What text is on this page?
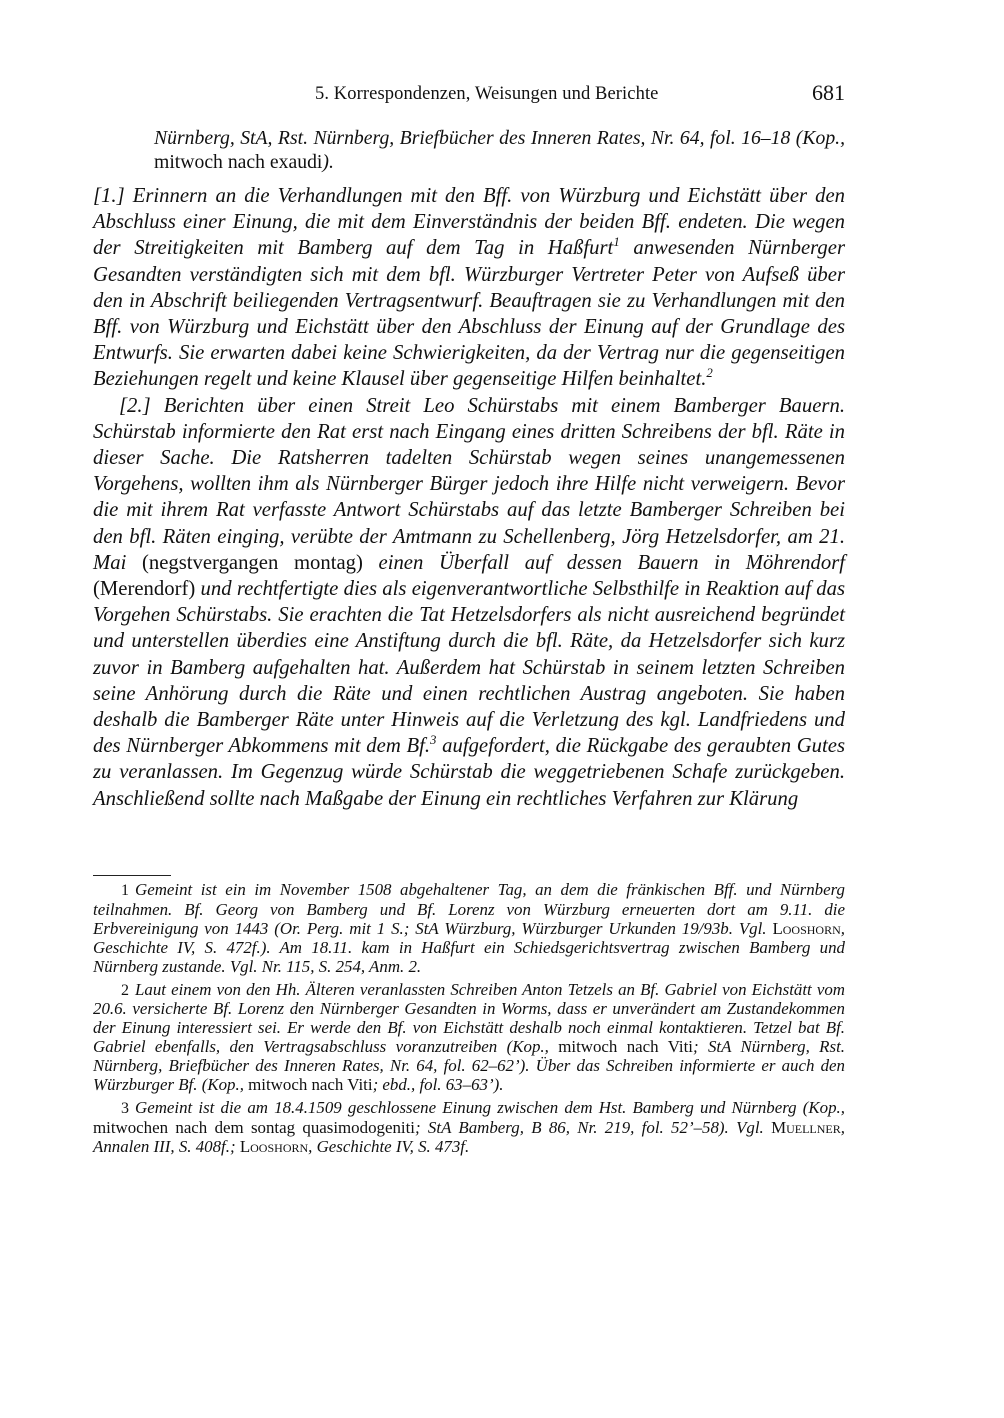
5. Korrespondenzen, Weisungen und Berichte	681
Nürnberg, StA, Rst. Nürnberg, Briefbücher des Inneren Rates, Nr. 64, fol. 16–18 (Kop., mitwoch nach exaudi).

[1.] Erinnern an die Verhandlungen mit den Bff. von Würzburg und Eichstätt über den Abschluss einer Einung, die mit dem Einverständnis der beiden Bff. endeten. Die wegen der Streitigkeiten mit Bamberg auf dem Tag in Haßfurt$^1$ anwesenden Nürnberger Gesandten verständigten sich mit dem bfl. Würzburger Vertreter Peter von Aufseß über den in Abschrift beiliegenden Vertragsentwurf. Beauftragen sie zu Verhandlungen mit den Bff. von Würzburg und Eichstätt über den Abschluss der Einung auf der Grundlage des Entwurfs. Sie erwarten dabei keine Schwierigkeiten, da der Vertrag nur die gegenseitigen Beziehungen regelt und keine Klausel über gegenseitige Hilfen beinhaltet.$^2$

[2.] Berichten über einen Streit Leo Schürstabs mit einem Bamberger Bauern. Schürstab informierte den Rat erst nach Eingang eines dritten Schreibens der bfl. Räte in dieser Sache. Die Ratsherren tadelten Schürstab wegen seines unangemessenen Vorgehens, wollten ihm als Nürnberger Bürger jedoch ihre Hilfe nicht verweigern. Bevor die mit ihrem Rat verfasste Antwort Schürstabs auf das letzte Bamberger Schreiben bei den bfl. Räten einging, verübte der Amtmann zu Schellenberg, Jörg Hetzelsdorfer, am 21. Mai (negstvergangen montag) einen Überfall auf dessen Bauern in Möhrendorf (Merendorf) und rechtfertigte dies als eigenverantwortliche Selbsthilfe in Reaktion auf das Vorgehen Schürstabs. Sie erachten die Tat Hetzelsdorfers als nicht ausreichend begründet und unterstellen überdies eine Anstiftung durch die bfl. Räte, da Hetzelsdorfer sich kurz zuvor in Bamberg aufgehalten hat. Außerdem hat Schürstab in seinem letzten Schreiben seine Anhörung durch die Räte und einen rechtlichen Austrag angeboten. Sie haben deshalb die Bamberger Räte unter Hinweis auf die Verletzung des kgl. Landfriedens und des Nürnberger Abkommens mit dem Bf.$^3$ aufgefordert, die Rückgabe des geraubten Gutes zu veranlassen. Im Gegenzug würde Schürstab die weggetriebenen Schafe zurückgeben. Anschließend sollte nach Maßgabe der Einung ein rechtliches Verfahren zur Klärung

1 Gemeint ist ein im November 1508 abgehaltener Tag, an dem die fränkischen Bff. und Nürnberg teilnahmen. Bf. Georg von Bamberg und Bf. Lorenz von Würzburg erneuerten dort am 9.11. die Erbvereinigung von 1443 (Or. Perg. mit 1 S.; StA Würzburg, Würzburger Urkunden 19/93b. Vgl. Looshorn, Geschichte IV, S. 472f.). Am 18.11. kam in Haßfurt ein Schiedsgerichtsvertrag zwischen Bamberg und Nürnberg zustande. Vgl. Nr. 115, S. 254, Anm. 2.

2 Laut einem von den Hh. Älteren veranlassten Schreiben Anton Tetzels an Bf. Gabriel von Eichstätt vom 20.6. versicherte Bf. Lorenz den Nürnberger Gesandten in Worms, dass er unverändert am Zustandekommen der Einung interessiert sei. Er werde den Bf. von Eichstätt deshalb noch einmal kontaktieren. Tetzel bat Bf. Gabriel ebenfalls, den Vertragsabschluss voranzutreiben (Kop., mitwoch nach Viti; StA Nürnberg, Rst. Nürnberg, Briefbücher des Inneren Rates, Nr. 64, fol. 62–62’). Über das Schreiben informierte er auch den Würzburger Bf. (Kop., mitwoch nach Viti; ebd., fol. 63–63’).

3 Gemeint ist die am 18.4.1509 geschlossene Einung zwischen dem Hst. Bamberg und Nürnberg (Kop., mitwochen nach dem sontag quasimodogeniti; StA Bamberg, B 86, Nr. 219, fol. 52’–58). Vgl. Muellner, Annalen III, S. 408f.; Looshorn, Geschichte IV, S. 473f.
